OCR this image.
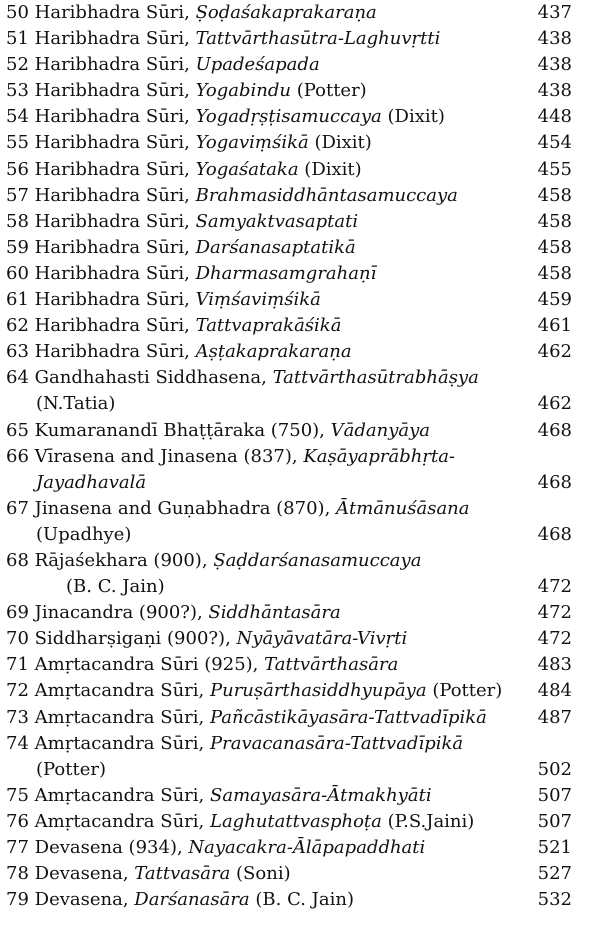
50 Haribhadra Sūri, Ṣoḍaśakaprakaraṇa	437
51 Haribhadra Sūri, Tattvārthasūtra-Laghuvṛtti	438
52 Haribhadra Sūri, Upadeśapada	438
53 Haribhadra Sūri, Yogabindu (Potter)	438
54 Haribhadra Sūri, Yogadṛṣṭisamuccaya (Dixit)	448
55 Haribhadra Sūri, Yogaviṃśikā (Dixit)	454
56 Haribhadra Sūri, Yogaśataka (Dixit)	455
57 Haribhadra Sūri, Brahmasiddhāntasamuccaya	458
58 Haribhadra Sūri, Samyaktvasaptati	458
59 Haribhadra Sūri, Darśanasaptatikā	458
60 Haribhadra Sūri, Dharmasamgrahaṇī	458
61 Haribhadra Sūri, Viṃśaviṃśikā	459
62 Haribhadra Sūri, Tattvaprakāśikā	461
63 Haribhadra Sūri, Aṣṭakaprakaraṇa	462
64 Gandhahasti Siddhasena, Tattvārthasūtrabhāṣya
(N.Tatia)	462
65 Kumaranandī Bhaṭṭāraka (750), Vādanyāya	468
66 Vīrasena and Jinasena (837), Kaṣāyaprābhṛta-
Jayadhavalā	468
67 Jinasena and Guṇabhadra (870), Ātmānuśāsana
(Upadhye)	468
68 Rājaśekhara (900), Ṣaḍdarśanasamuccaya
(B. C. Jain)	472
69 Jinacandra (900?), Siddhāntasāra	472
70 Siddharṣigaṇi (900?), Nyāyāvatāra-Vivṛti	472
71 Amṛtacandra Sūri (925), Tattvārthasāra	483
72 Amṛtacandra Sūri, Puruṣārthasiddhyupāya (Potter) 484
73 Amṛtacandra Sūri, Pañcāstikāyasāra-Tattvadīpikā	487
74 Amṛtacandra Sūri, Pravacanasāra-Tattvadīpikā
(Potter)	502
75 Amṛtacandra Sūri, Samayasāra-Ātmakhyāti	507
76 Amṛtacandra Sūri, Laghutattvasphoṭa (P.S.Jaini)	507
77 Devasena (934), Nayacakra-Ālāpapaddhati	521
78 Devasena, Tattvasāra (Soni)	527
79 Devasena, Darśanasāra (B. C. Jain)	532
